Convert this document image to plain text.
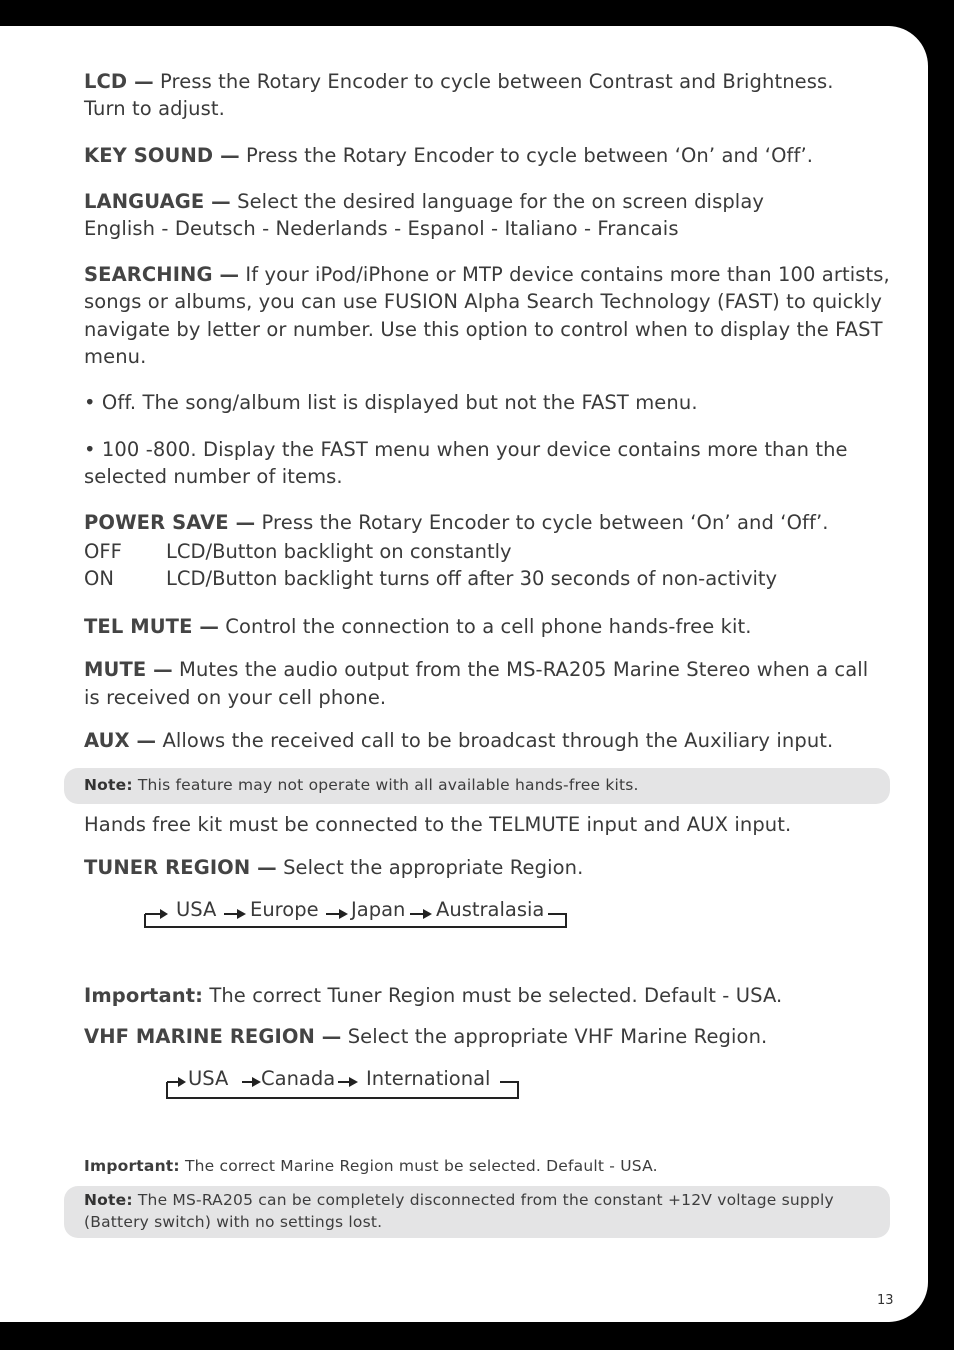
LCD — Press the Rotary Encoder to cycle between Contrast and Brightness.

Turn to adjust.

KEY SOUND — Press the Rotary Encoder to cycle between ‘On’ and ‘Off’.

LANGUAGE — Select the desired language for the on screen display

English - Deutsch - Nederlands - Espanol - Italiano - Francais

SEARCHING — If your iPod/iPhone or MTP device contains more than 100 artists,

songs or albums, you can use FUSION Alpha Search Technology (FAST) to quickly

navigate by letter or number. Use this option to control when to display the FAST

menu.

• Off. The song/album list is displayed but not the FAST menu.

• 100 -800. Display the FAST menu when your device contains more than the

selected number of items.

POWER SAVE — Press the Rotary Encoder to cycle between ‘On’ and ‘Off’.

OFF LCD/Button backlight on constantly
ON	LCD/Button backlight turns off after 30 seconds of non-activity

TEL MUTE — Control the connection to a cell phone hands-free kit.

MUTE — Mutes the audio output from the MS-RA205 Marine Stereo when a call

is received on your cell phone.

AUX — Allows the received call to be broadcast through the Auxiliary input.

Note: This feature may not operate with all available hands-free kits.

Hands free kit must be connected to the TELMUTE input and AUX input.

TUNER REGION — Select the appropriate Region.

USA Europe Japan Australasia

Important: The correct Tuner Region must be selected. Default - USA.

VHF MARINE REGION — Select the appropriate VHF Marine Region.

USA Canada International

Important: The correct Marine Region must be selected. Default - USA.

Note: The MS-RA205 can be completely disconnected from the constant +12V voltage supply

(Battery switch) with no settings lost.

13
